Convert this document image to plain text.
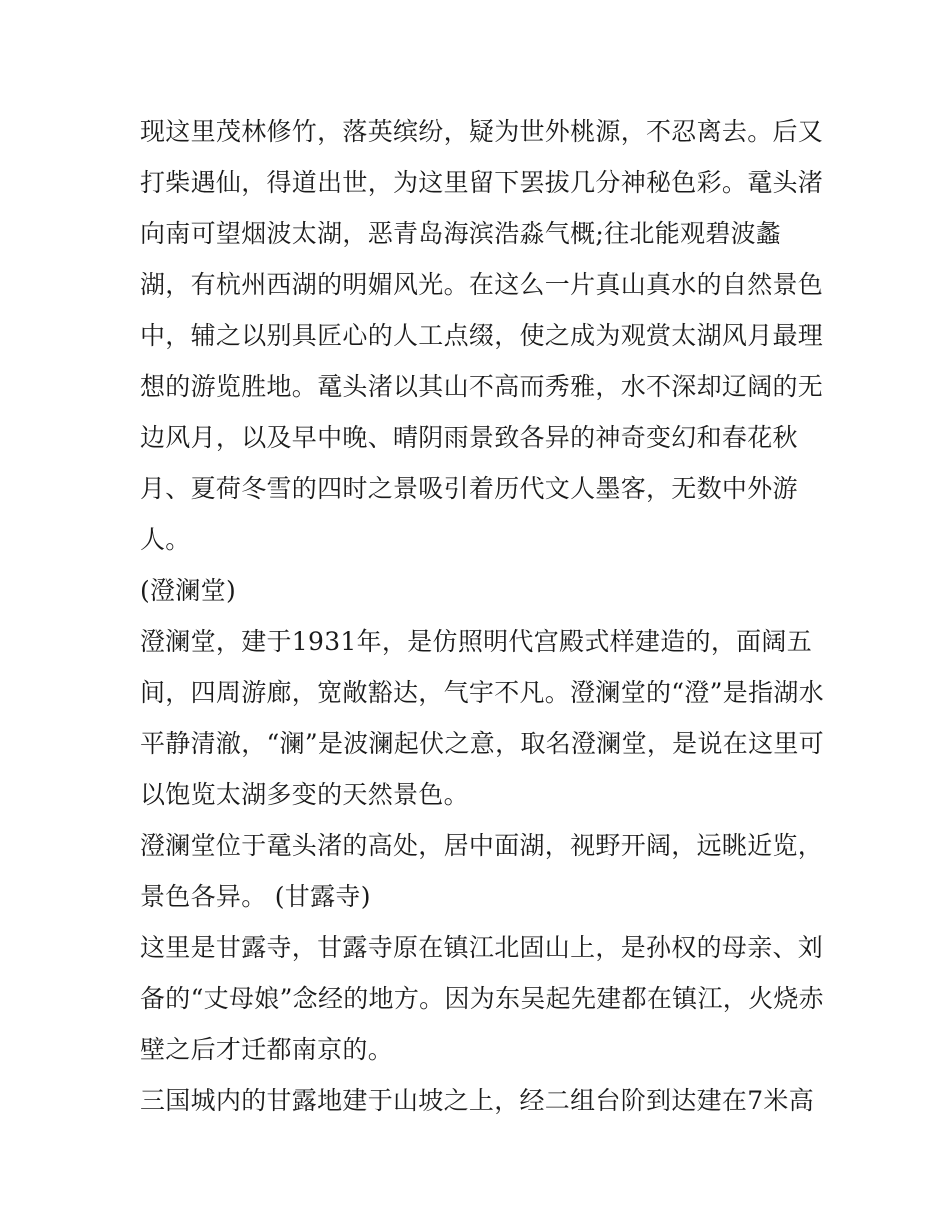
现这里茂林修竹，落英缤纷，疑为世外桃源，不忍离去。后又
打柴遇仙，得道出世，为这里留下罢拔几分神秘色彩。鼋头渚
向南可望烟波太湖，恶青岛海滨浩淼气概;往北能观碧波蠡
湖，有杭州西湖的明媚风光。在这么一片真山真水的自然景色
中，辅之以别具匠心的人工点缀，使之成为观赏太湖风月最理
想的游览胜地。鼋头渚以其山不高而秀雅，水不深却辽阔的无
边风月，以及早中晚、晴阴雨景致各异的神奇变幻和春花秋
月、夏荷冬雪的四时之景吸引着历代文人墨客，无数中外游
人。
(澄澜堂)
澄澜堂，建于1931年，是仿照明代宫殿式样建造的，面阔五
间，四周游廊，宽敞豁达，气宇不凡。澄澜堂的“澄”是指湖水
平静清澈，“澜”是波澜起伏之意，取名澄澜堂，是说在这里可
以饱览太湖多变的天然景色。
澄澜堂位于鼋头渚的高处，居中面湖，视野开阔，远眺近览，
景色各异。 (甘露寺)
这里是甘露寺，甘露寺原在镇江北固山上，是孙权的母亲、刘
备的“丈母娘”念经的地方。因为东吴起先建都在镇江，火烧赤
壁之后才迁都南京的。
三国城内的甘露地建于山坡之上，经二组台阶到达建在7米高
